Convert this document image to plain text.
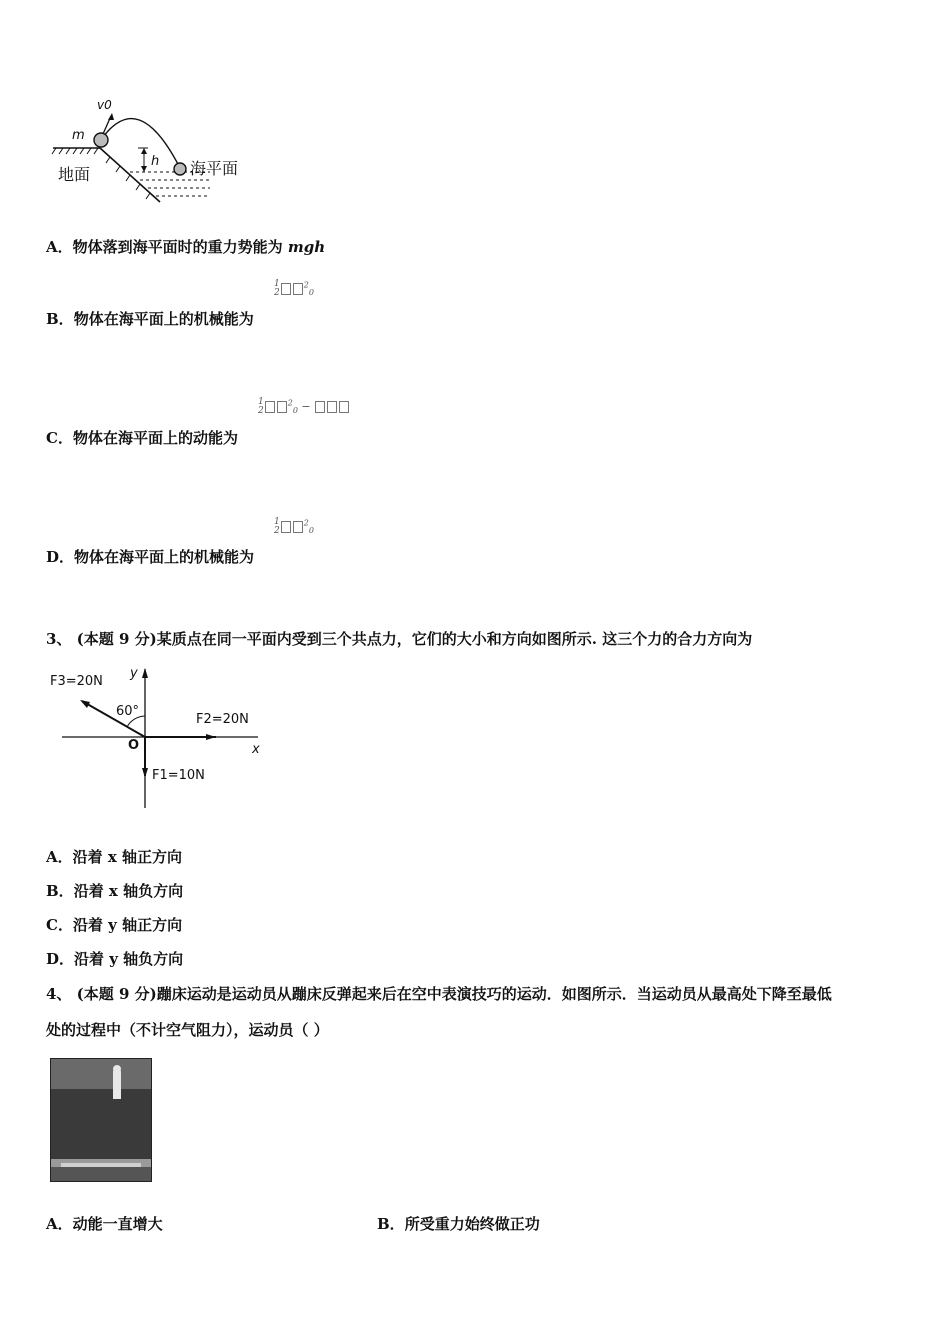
v0
m
h
地面	海平面
A．物体落到海平面时的重力势能为 mgh
1
2
$^2_0$
B．物体在海平面上的机械能为
1
2
$^2_0$ −
C．物体在海平面上的动能为
1
2
$^2_0$
D．物体在海平面上的机械能为
3、 (本题 9 分)某质点在同一平面内受到三个共点力，它们的大小和方向如图所示. 这三个力的合力方向为
F3=20N
y
60°
F2=20N
O	x
F1=10N
A．沿着 x 轴正方向
B．沿着 x 轴负方向
C．沿着 y 轴正方向
D．沿着 y 轴负方向
4、 (本题 9 分)蹦床运动是运动员从蹦床反弹起来后在空中表演技巧的运动．如图所示．当运动员从最高处下降至最低
处的过程中（不计空气阻力），运动员（ ）
A．动能一直增大	B．所受重力始终做正功
